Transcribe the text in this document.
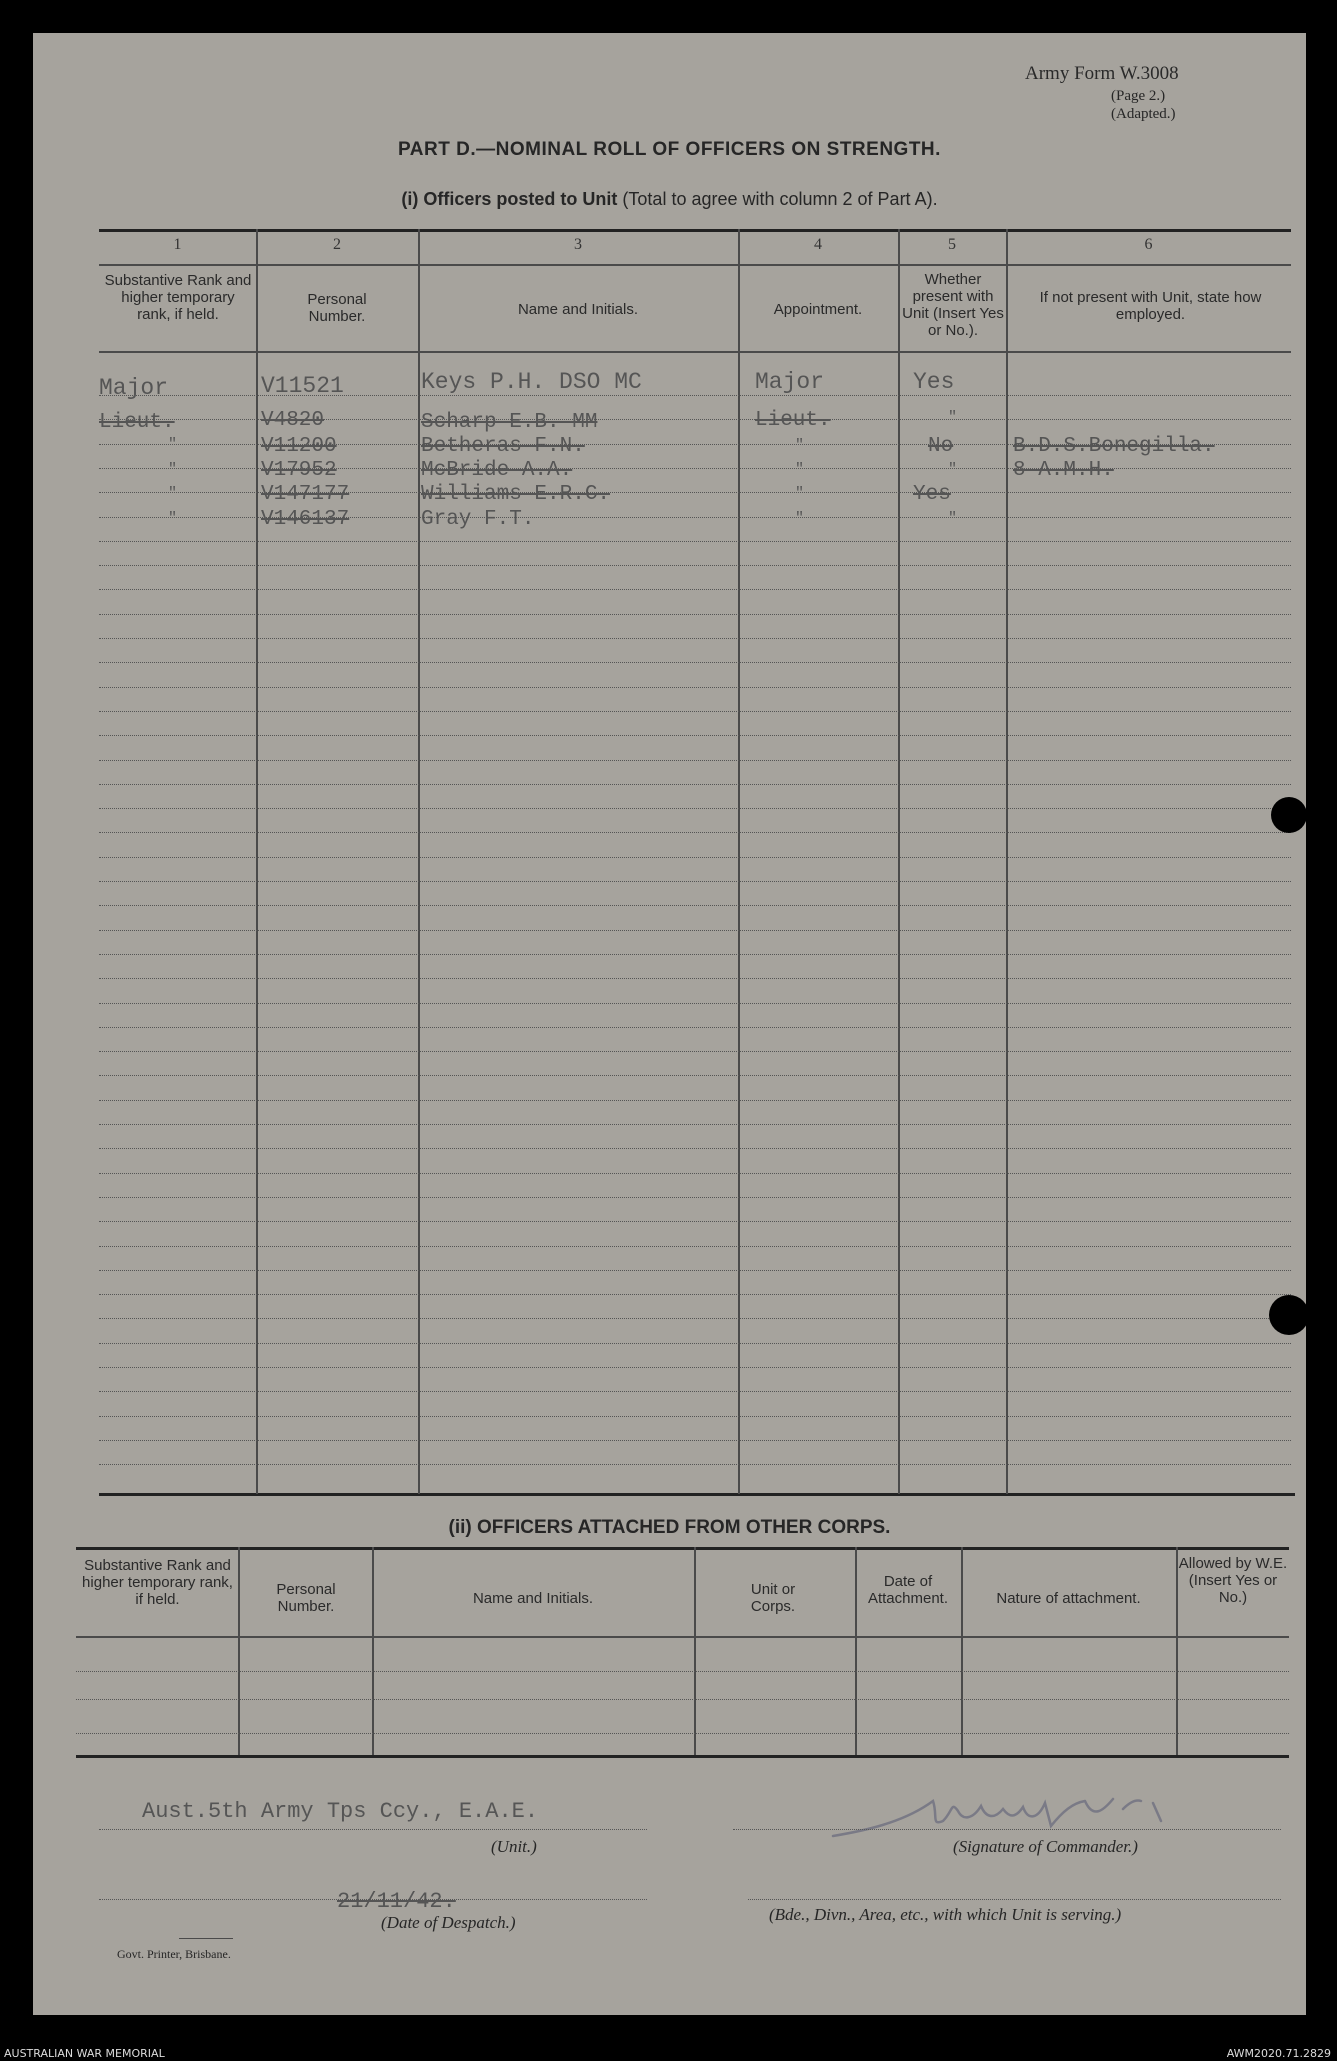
Army Form W.3008
(Page 2.)
(Adapted.)
PART D.—NOMINAL ROLL OF OFFICERS ON STRENGTH.
(i) Officers posted to Unit (Total to agree with column 2 of Part A).
1	2	3	4	5	6
Substantive Rank and higher temporary rank, if held.
Personal Number.	Name and Initials.	Appointment.
Whether present with Unit (Insert Yes or No.).
If not present with Unit, state how employed.
Major	V11521	Keys P.H. DSO MC	Major	Yes
Lieut.	V4820	Scharp E.B. MM	Lieut.	"
"	V11200	Betheras F.N.	"	No	B.D.S.Bonegilla.
"	V17952	McBride A.A.	"	"	8 A.M.H.
"	V147177	Williams E.R.C.	"	Yes
"	V146137	Gray F.T.	"	"
(ii) OFFICERS ATTACHED FROM OTHER CORPS.
Substantive Rank and higher temporary rank, if held.
Personal Number.	Name and Initials.
Unit or Corps.
Date of Attachment.	Nature of attachment.
Allowed by W.E. (Insert Yes or No.)
Aust.5th Army Tps Ccy., E.A.E.
(Unit.)	(Signature of Commander.)
21/11/42.
(Date of Despatch.)	(Bde., Divn., Area, etc., with which Unit is serving.)
Govt. Printer, Brisbane.
AUSTRALIAN WAR MEMORIAL	AWM2020.71.2829
